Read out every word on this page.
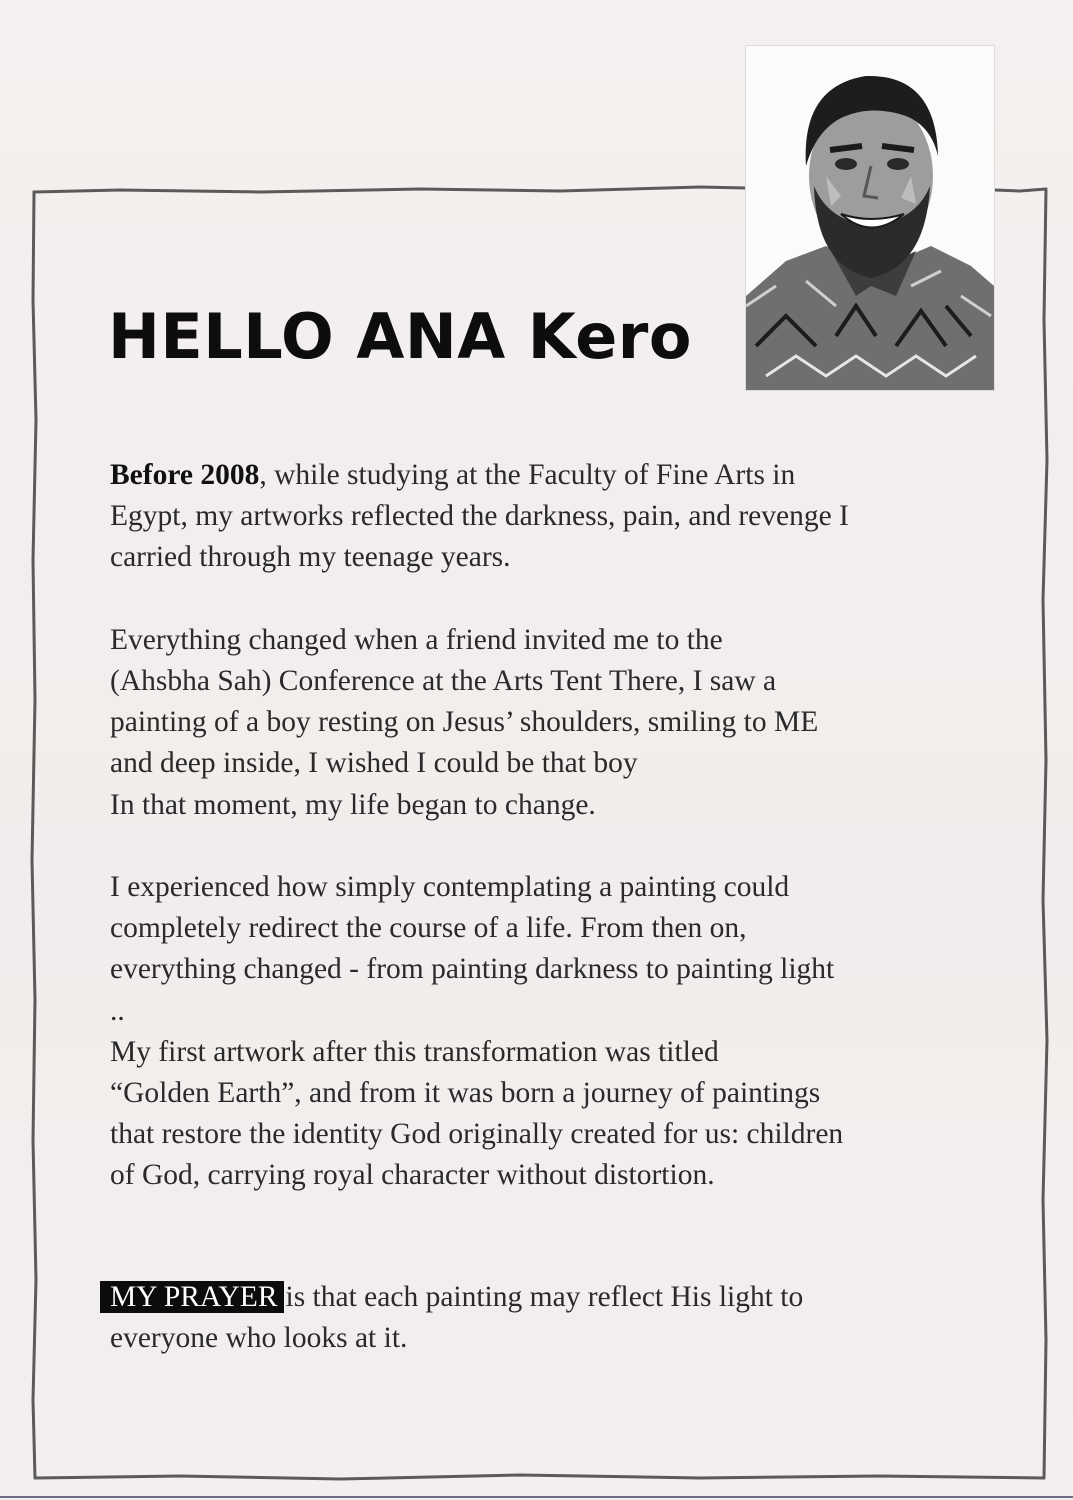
HELLO ANA Kero

Before 2008, while studying at the Faculty of Fine Arts in
Egypt, my artworks reflected the darkness, pain, and revenge I
carried through my teenage years.

Everything changed when a friend invited me to the
(Ahsbha Sah) Conference at the Arts Tent There, I saw a
painting of a boy resting on Jesus’ shoulders, smiling to ME
and deep inside, I wished I could be that boy
In that moment, my life began to change.

I experienced how simply contemplating a painting could
completely redirect the course of a life. From then on,
everything changed - from painting darkness to painting light
..
My first artwork after this transformation was titled
“Golden Earth”, and from it was born a journey of paintings
that restore the identity God originally created for us: children
of God, carrying royal character without distortion.

MY PRAYER is that each painting may reflect His light to
everyone who looks at it.
